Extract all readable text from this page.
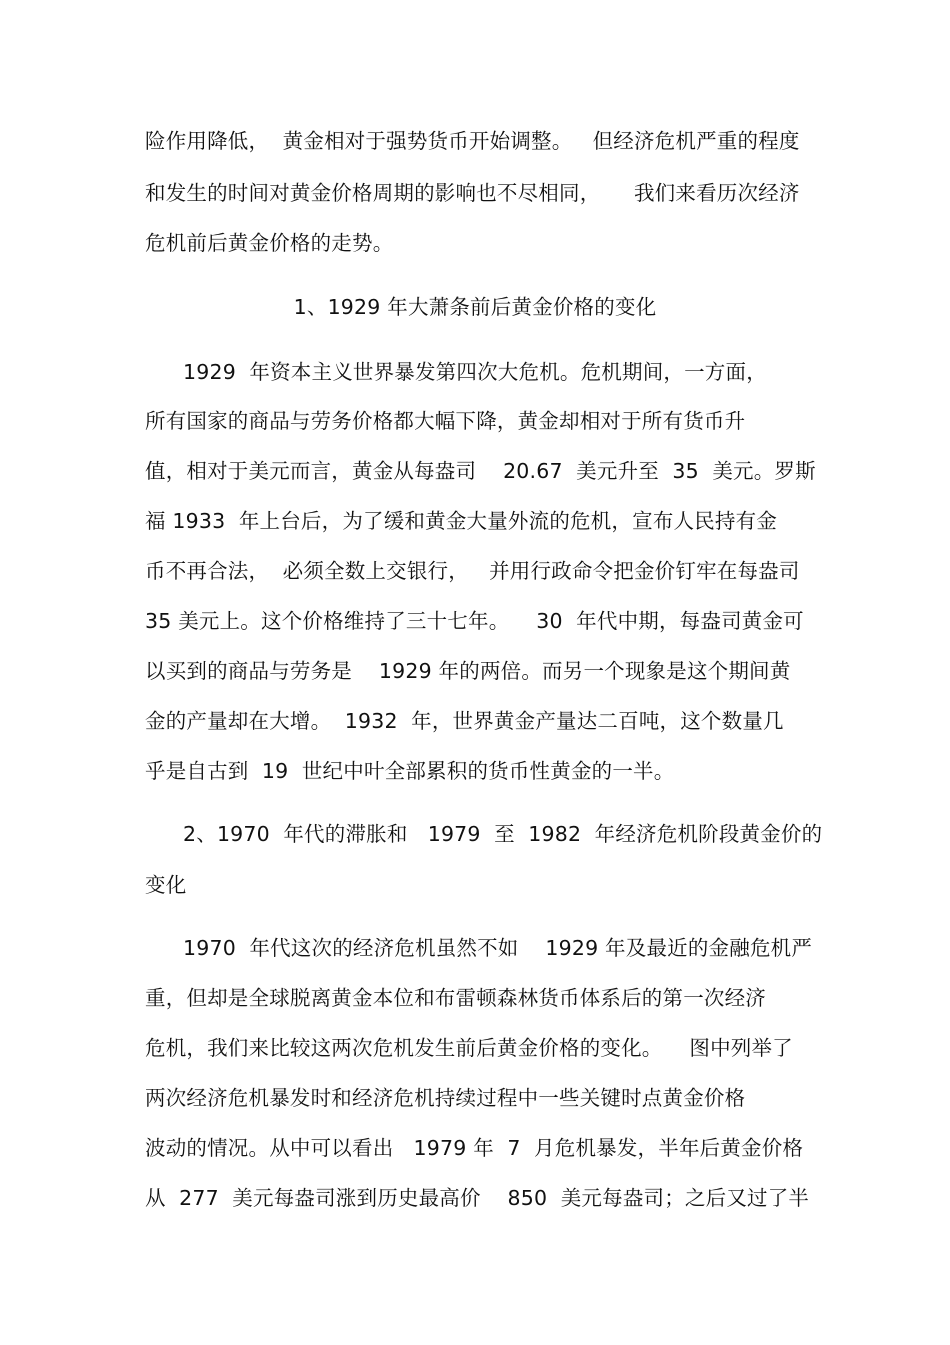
险作用降低，  黄金相对于强势货币开始调整。   但经济危机严重的程度
和发生的时间对黄金价格周期的影响也不尽相同，     我们来看历次经济
危机前后黄金价格的走势。
1、1929 年大萧条前后黄金价格的变化
1929  年资本主义世界暴发第四次大危机。危机期间，一方面，
所有国家的商品与劳务价格都大幅下降，黄金却相对于所有货币升
值，相对于美元而言，黄金从每盎司    20.67  美元升至  35  美元。罗斯
福 1933  年上台后，为了缓和黄金大量外流的危机，宣布人民持有金
币不再合法，  必须全数上交银行，   并用行政命令把金价钉牢在每盎司
35 美元上。这个价格维持了三十七年。    30  年代中期，每盎司黄金可
以买到的商品与劳务是    1929 年的两倍。而另一个现象是这个期间黄
金的产量却在大增。  1932  年，世界黄金产量达二百吨，这个数量几
乎是自古到  19  世纪中叶全部累积的货币性黄金的一半。
2、1970  年代的滞胀和   1979  至  1982  年经济危机阶段黄金价的
变化
1970  年代这次的经济危机虽然不如    1929 年及最近的金融危机严
重，但却是全球脱离黄金本位和布雷顿森林货币体系后的第一次经济
危机，我们来比较这两次危机发生前后黄金价格的变化。    图中列举了
两次经济危机暴发时和经济危机持续过程中一些关键时点黄金价格
波动的情况。从中可以看出   1979 年  7  月危机暴发，半年后黄金价格
从  277  美元每盎司涨到历史最高价    850  美元每盎司；之后又过了半
